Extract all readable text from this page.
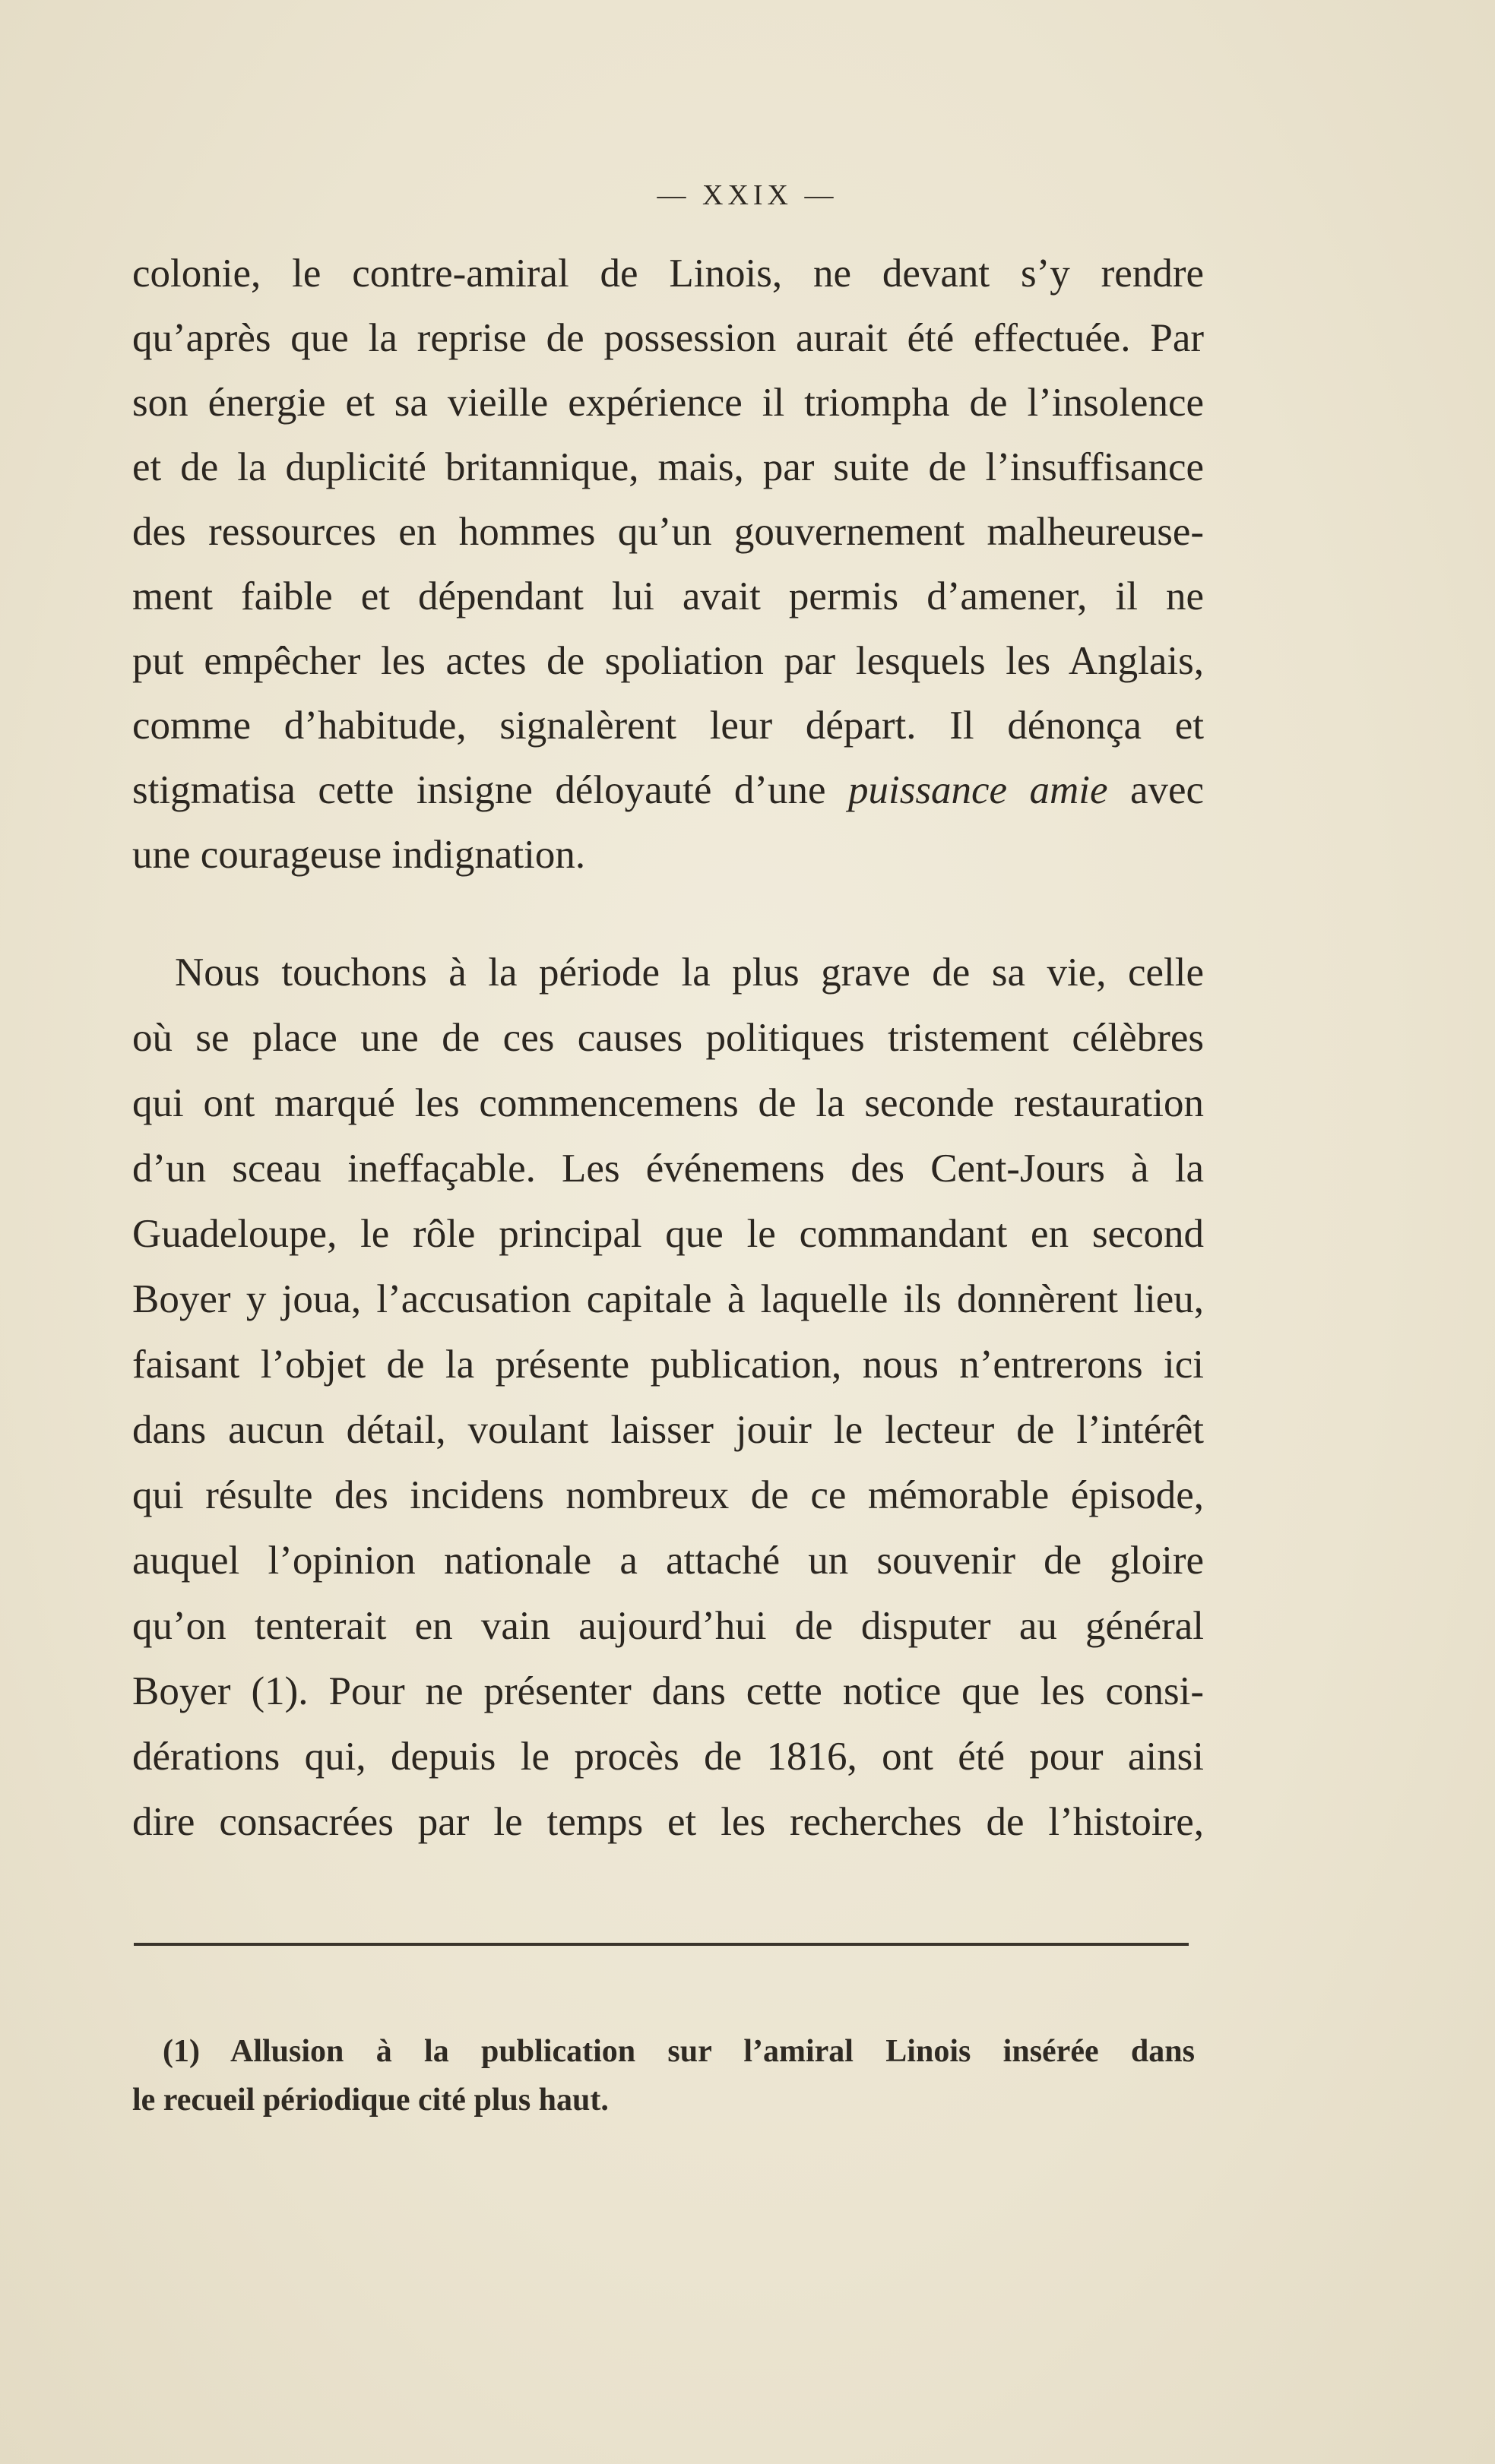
— XXIX —
colonie, le contre-amiral de Linois, ne devant s’y rendre
qu’après que la reprise de possession aurait été effectuée. Par
son énergie et sa vieille expérience il triompha de l’insolence
et de la duplicité britannique, mais, par suite de l’insuffisance
des ressources en hommes qu’un gouvernement malheureuse-
ment faible et dépendant lui avait permis d’amener, il ne
put empêcher les actes de spoliation par lesquels les Anglais,
comme d’habitude, signalèrent leur départ. Il dénonça et
stigmatisa cette insigne déloyauté d’une puissance amie avec
une courageuse indignation.
Nous touchons à la période la plus grave de sa vie, celle
où se place une de ces causes politiques tristement célèbres
qui ont marqué les commencemens de la seconde restauration
d’un sceau ineffaçable. Les événemens des Cent-Jours à la
Guadeloupe, le rôle principal que le commandant en second
Boyer y joua, l’accusation capitale à laquelle ils donnèrent lieu,
faisant l’objet de la présente publication, nous n’entrerons ici
dans aucun détail, voulant laisser jouir le lecteur de l’intérêt
qui résulte des incidens nombreux de ce mémorable épisode,
auquel l’opinion nationale a attaché un souvenir de gloire
qu’on tenterait en vain aujourd’hui de disputer au général
Boyer (1). Pour ne présenter dans cette notice que les consi-
dérations qui, depuis le procès de 1816, ont été pour ainsi
dire consacrées par le temps et les recherches de l’histoire,
(1) Allusion à la publication sur l’amiral Linois insérée dans
le recueil périodique cité plus haut.
